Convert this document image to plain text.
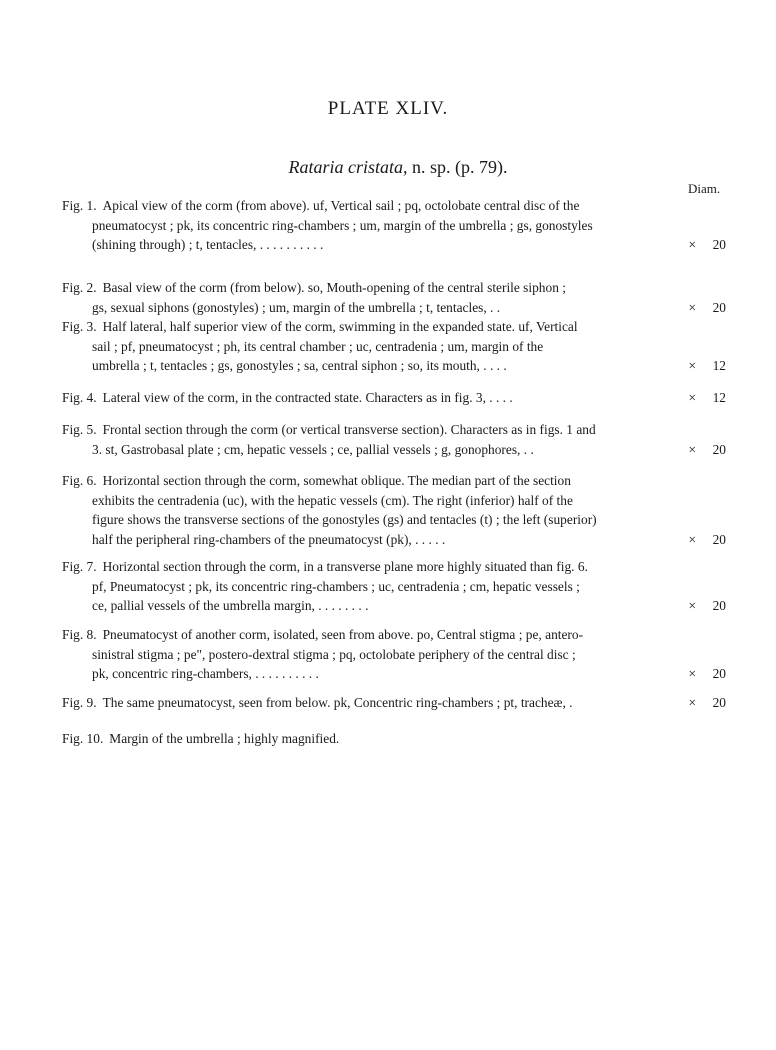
PLATE XLIV.
Rataria cristata, n. sp. (p. 79).
Diam.
Fig. 1. Apical view of the corm (from above). uf, Vertical sail ; pq, octolobate central disc of the
pneumatocyst ; pk, its concentric ring-chambers ; um, margin of the umbrella ; gs, gonostyles
(shining through) ; t, tentacles, . . . . . . . . . .	× 20
Fig. 2. Basal view of the corm (from below). so, Mouth-opening of the central sterile siphon ;
gs, sexual siphons (gonostyles) ; um, margin of the umbrella ; t, tentacles, . .	× 20
Fig. 3. Half lateral, half superior view of the corm, swimming in the expanded state. uf, Vertical
sail ; pf, pneumatocyst ; ph, its central chamber ; uc, centradenia ; um, margin of the
umbrella ; t, tentacles ; gs, gonostyles ; sa, central siphon ; so, its mouth, . . . .	× 12
Fig. 4. Lateral view of the corm, in the contracted state. Characters as in fig. 3, . . . .	× 12
Fig. 5. Frontal section through the corm (or vertical transverse section). Characters as in figs. 1 and
3. st, Gastrobasal plate ; cm, hepatic vessels ; ce, pallial vessels ; g, gonophores, . .	× 20
Fig. 6. Horizontal section through the corm, somewhat oblique. The median part of the section
exhibits the centradenia (uc), with the hepatic vessels (cm). The right (inferior) half of the
figure shows the transverse sections of the gonostyles (gs) and tentacles (t) ; the left (superior)
half the peripheral ring-chambers of the pneumatocyst (pk), . . . . .	× 20
Fig. 7. Horizontal section through the corm, in a transverse plane more highly situated than fig. 6.
pf, Pneumatocyst ; pk, its concentric ring-chambers ; uc, centradenia ; cm, hepatic vessels ;
ce, pallial vessels of the umbrella margin, . . . . . . . .	× 20
Fig. 8. Pneumatocyst of another corm, isolated, seen from above. po, Central stigma ; pe, antero-
sinistral stigma ; pe", postero-dextral stigma ; pq, octolobate periphery of the central disc ;
pk, concentric ring-chambers, . . . . . . . . . .	× 20
Fig. 9. The same pneumatocyst, seen from below. pk, Concentric ring-chambers ; pt, tracheæ, .	× 20
Fig. 10. Margin of the umbrella ; highly magnified.
